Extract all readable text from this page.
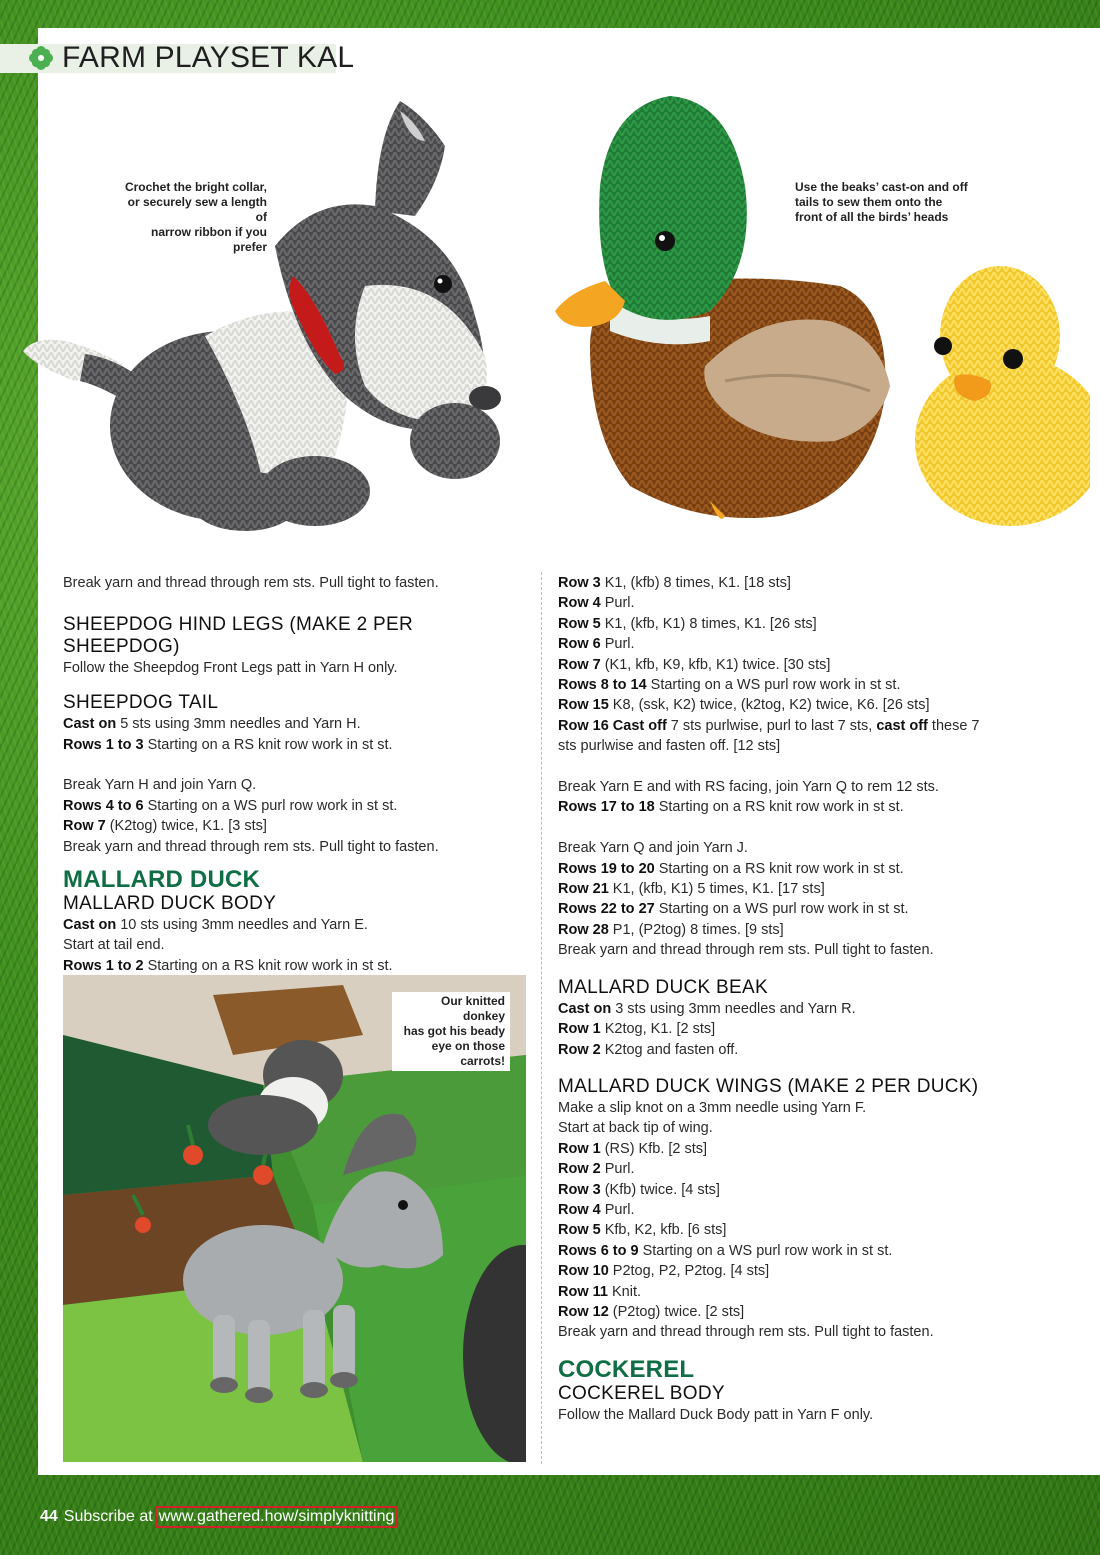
FARM PLAYSET KAL
Crochet the bright collar,
or securely sew a length of
narrow ribbon if you prefer
Use the beaks’ cast-on and off
tails to sew them onto the
front of all the birds’ heads

Break yarn and thread through rem sts. Pull tight to fasten.

SHEEPDOG HIND LEGS (MAKE 2 PER SHEEPDOG)

Follow the Sheepdog Front Legs patt in Yarn H only.

SHEEPDOG TAIL

Cast on 5 sts using 3mm needles and Yarn H.

Rows 1 to 3 Starting on a RS knit row work in st st.

Break Yarn H and join Yarn Q.

Rows 4 to 6 Starting on a WS purl row work in st st.

Row 7 (K2tog) twice, K1. [3 sts]

Break yarn and thread through rem sts. Pull tight to fasten.

MALLARD DUCK
MALLARD DUCK BODY

Cast on 10 sts using 3mm needles and Yarn E.

Start at tail end.

Rows 1 to 2 Starting on a RS knit row work in st st.

Our knitted donkey
has got his beady
eye on those carrots!

Row 3 K1, (kfb) 8 times, K1. [18 sts]

Row 4 Purl.

Row 5 K1, (kfb, K1) 8 times, K1. [26 sts]

Row 6 Purl.

Row 7 (K1, kfb, K9, kfb, K1) twice. [30 sts]

Rows 8 to 14 Starting on a WS purl row work in st st.

Row 15 K8, (ssk, K2) twice, (k2tog, K2) twice, K6. [26 sts]

Row 16 Cast off 7 sts purlwise, purl to last 7 sts, cast off these 7

sts purlwise and fasten off. [12 sts]

Break Yarn E and with RS facing, join Yarn Q to rem 12 sts.

Rows 17 to 18 Starting on a RS knit row work in st st.

Break Yarn Q and join Yarn J.

Rows 19 to 20 Starting on a RS knit row work in st st.

Row 21 K1, (kfb, K1) 5 times, K1. [17 sts]

Rows 22 to 27 Starting on a WS purl row work in st st.

Row 28 P1, (P2tog) 8 times. [9 sts]

Break yarn and thread through rem sts. Pull tight to fasten.

MALLARD DUCK BEAK

Cast on 3 sts using 3mm needles and Yarn R.

Row 1 K2tog, K1. [2 sts]

Row 2 K2tog and fasten off.

MALLARD DUCK WINGS (MAKE 2 PER DUCK)

Make a slip knot on a 3mm needle using Yarn F.

Start at back tip of wing.

Row 1 (RS) Kfb. [2 sts]

Row 2 Purl.

Row 3 (Kfb) twice. [4 sts]

Row 4 Purl.

Row 5 Kfb, K2, kfb. [6 sts]

Rows 6 to 9 Starting on a WS purl row work in st st.

Row 10 P2tog, P2, P2tog. [4 sts]

Row 11 Knit.

Row 12 (P2tog) twice. [2 sts]

Break yarn and thread through rem sts. Pull tight to fasten.

COCKEREL
COCKEREL BODY

Follow the Mallard Duck Body patt in Yarn F only.

44 Subscribe at www.gathered.how/simplyknitting
